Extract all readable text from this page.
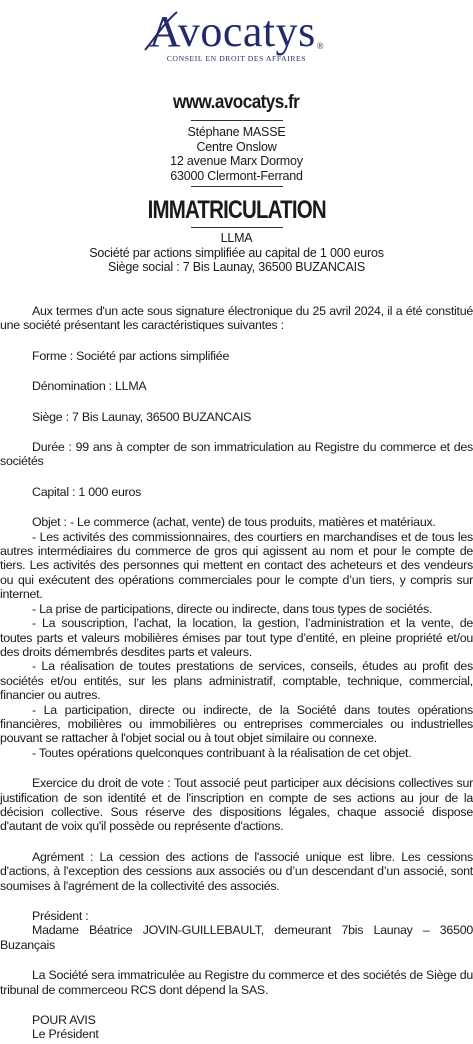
Avocatys®
CONSEIL EN DROIT DES AFFAIRES
www.avocatys.fr
Stéphane MASSE
Centre Onslow
12 avenue Marx Dormoy
63000 Clermont-Ferrand
IMMATRICULATION
LLMA
Société par actions simplifiée au capital de 1 000 euros
Siège social : 7 Bis Launay, 36500 BUZANCAIS
Aux termes d'un acte sous signature électronique du 25 avril 2024, il a été constitué une société présentant les caractéristiques suivantes :
Forme : Société par actions simplifiée
Dénomination : LLMA
Siège : 7 Bis Launay, 36500 BUZANCAIS
Durée : 99 ans à compter de son immatriculation au Registre du commerce et des sociétés
Capital : 1 000 euros
Objet : - Le commerce (achat, vente) de tous produits, matières et matériaux.
- Les activités des commissionnaires, des courtiers en marchandises et de tous les autres intermédiaires du commerce de gros qui agissent au nom et pour le compte de tiers. Les activités des personnes qui mettent en contact des acheteurs et des vendeurs ou qui exécutent des opérations commerciales pour le compte d’un tiers, y compris sur internet.
- La prise de participations, directe ou indirecte, dans tous types de sociétés.
- La souscription, l’achat, la location, la gestion, l’administration et la vente, de toutes parts et valeurs mobilières émises par tout type d’entité, en pleine propriété et/ou des droits démembrés desdites parts et valeurs.
- La réalisation de toutes prestations de services, conseils, études au profit des sociétés et/ou entités, sur les plans administratif, comptable, technique, commercial, financier ou autres.
- La participation, directe ou indirecte, de la Société dans toutes opérations financières, mobilières ou immobilières ou entreprises commerciales ou industrielles pouvant se rattacher à l'objet social ou à tout objet similaire ou connexe.
- Toutes opérations quelconques contribuant à la réalisation de cet objet.
Exercice du droit de vote : Tout associé peut participer aux décisions collectives sur justification de son identité et de l'inscription en compte de ses actions au jour de la décision collective. Sous réserve des dispositions légales, chaque associé dispose d'autant de voix qu'il possède ou représente d'actions.
Agrément : La cession des actions de l'associé unique est libre. Les cessions d'actions, à l'exception des cessions aux associés ou d’un descendant d’un associé, sont soumises à l'agrément de la collectivité des associés.
Président :
Madame Béatrice JOVIN-GUILLEBAULT, demeurant 7bis Launay – 36500 Buzançais
La Société sera immatriculée au Registre du commerce et des sociétés de Siège du tribunal de commerceou RCS dont dépend la SAS.
POUR AVIS
Le Président
